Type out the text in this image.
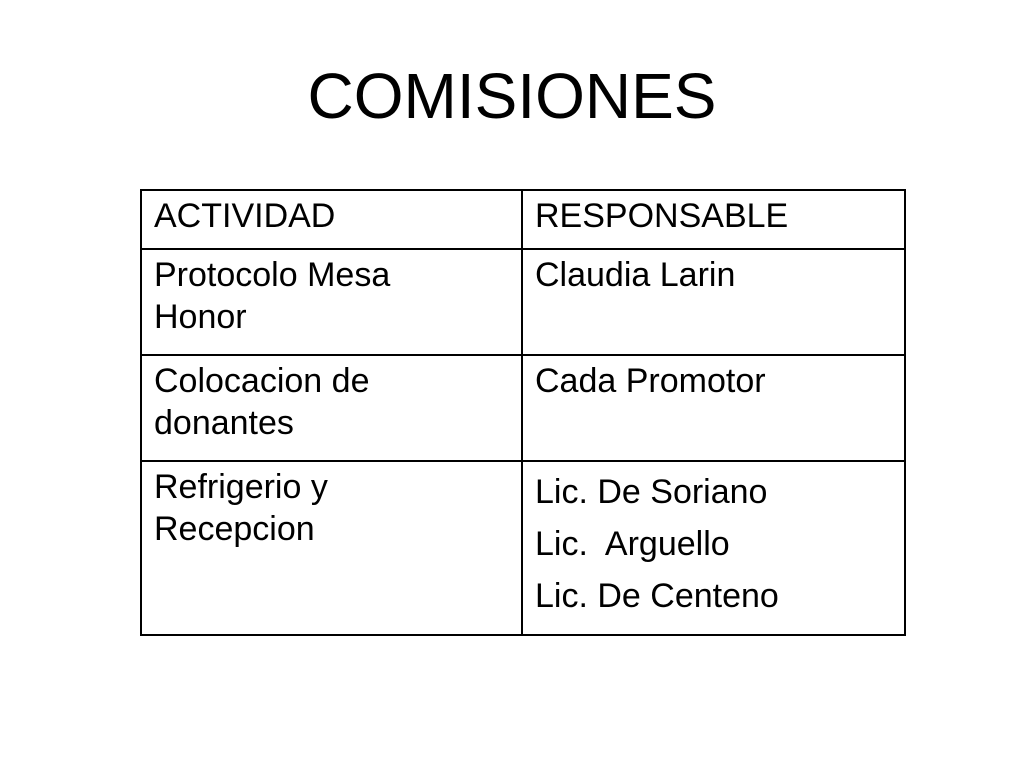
COMISIONES
ACTIVIDAD	RESPONSABLE

Protocolo Mesa
Honor	Claudia Larin

Colocacion de
donantes	Cada Promotor

Refrigerio y
Recepcion	Lic. De Soriano
Lic.  Arguello
Lic. De Centeno
